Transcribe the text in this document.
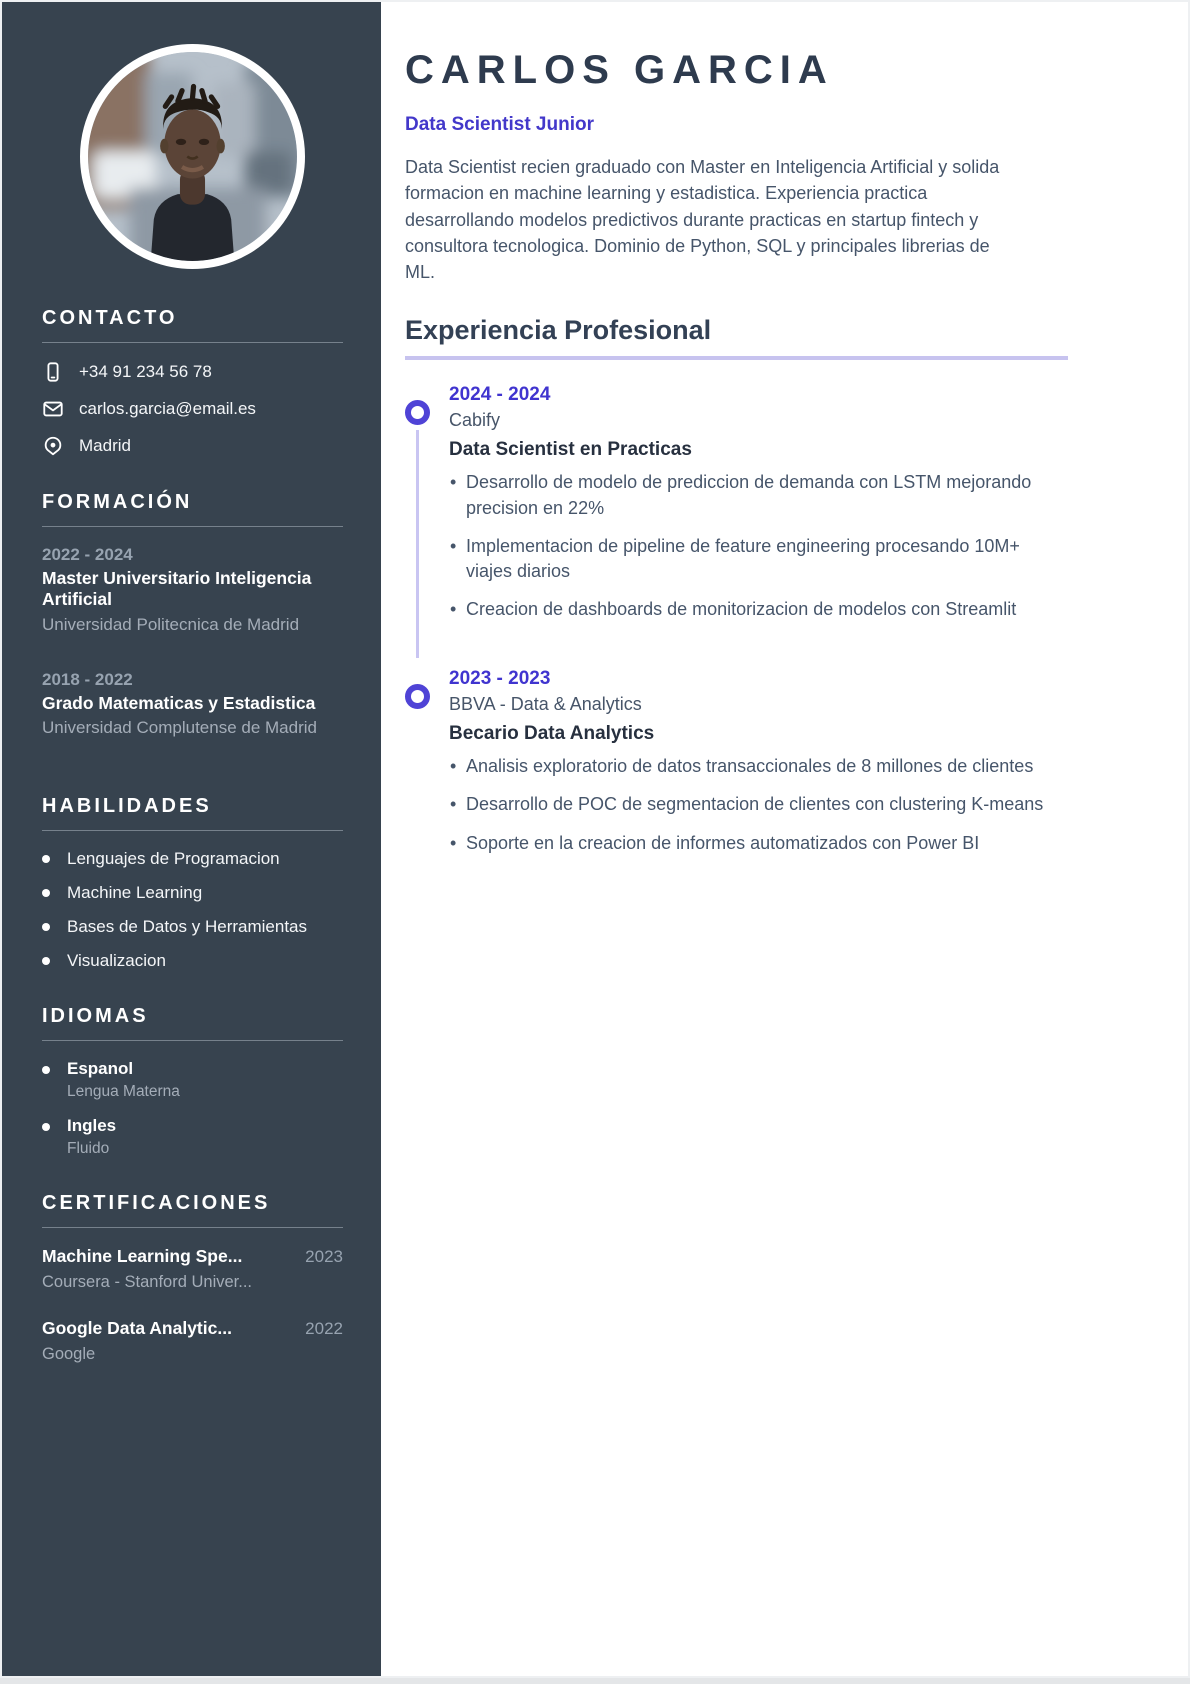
CONTACTO
+34 91 234 56 78
carlos.garcia@email.es
Madrid
FORMACIÓN
2022 - 2024
Master Universitario Inteligencia Artificial
Universidad Politecnica de Madrid
2018 - 2022
Grado Matematicas y Estadistica
Universidad Complutense de Madrid
HABILIDADES
Lenguajes de Programacion
Machine Learning
Bases de Datos y Herramientas
Visualizacion
IDIOMAS
Espanol
Lengua Materna
Ingles
Fluido
CERTIFICACIONES
Machine Learning Spe...	2023
Coursera - Stanford Univer...
Google Data Analytic...	2022
Google
CARLOS GARCIA
Data Scientist Junior

Data Scientist recien graduado con Master en Inteligencia Artificial y solida formacion en machine learning y estadistica. Experiencia practica desarrollando modelos predictivos durante practicas en startup fintech y consultora tecnologica. Dominio de Python, SQL y principales librerias de ML.

Experiencia Profesional
2024 - 2024
Cabify
Data Scientist en Practicas
• Desarrollo de modelo de prediccion de demanda con LSTM mejorando precision en 22%
• Implementacion de pipeline de feature engineering procesando 10M+ viajes diarios
• Creacion de dashboards de monitorizacion de modelos con Streamlit
2023 - 2023
BBVA - Data & Analytics
Becario Data Analytics
• Analisis exploratorio de datos transaccionales de 8 millones de clientes
• Desarrollo de POC de segmentacion de clientes con clustering K-means
• Soporte en la creacion de informes automatizados con Power BI
